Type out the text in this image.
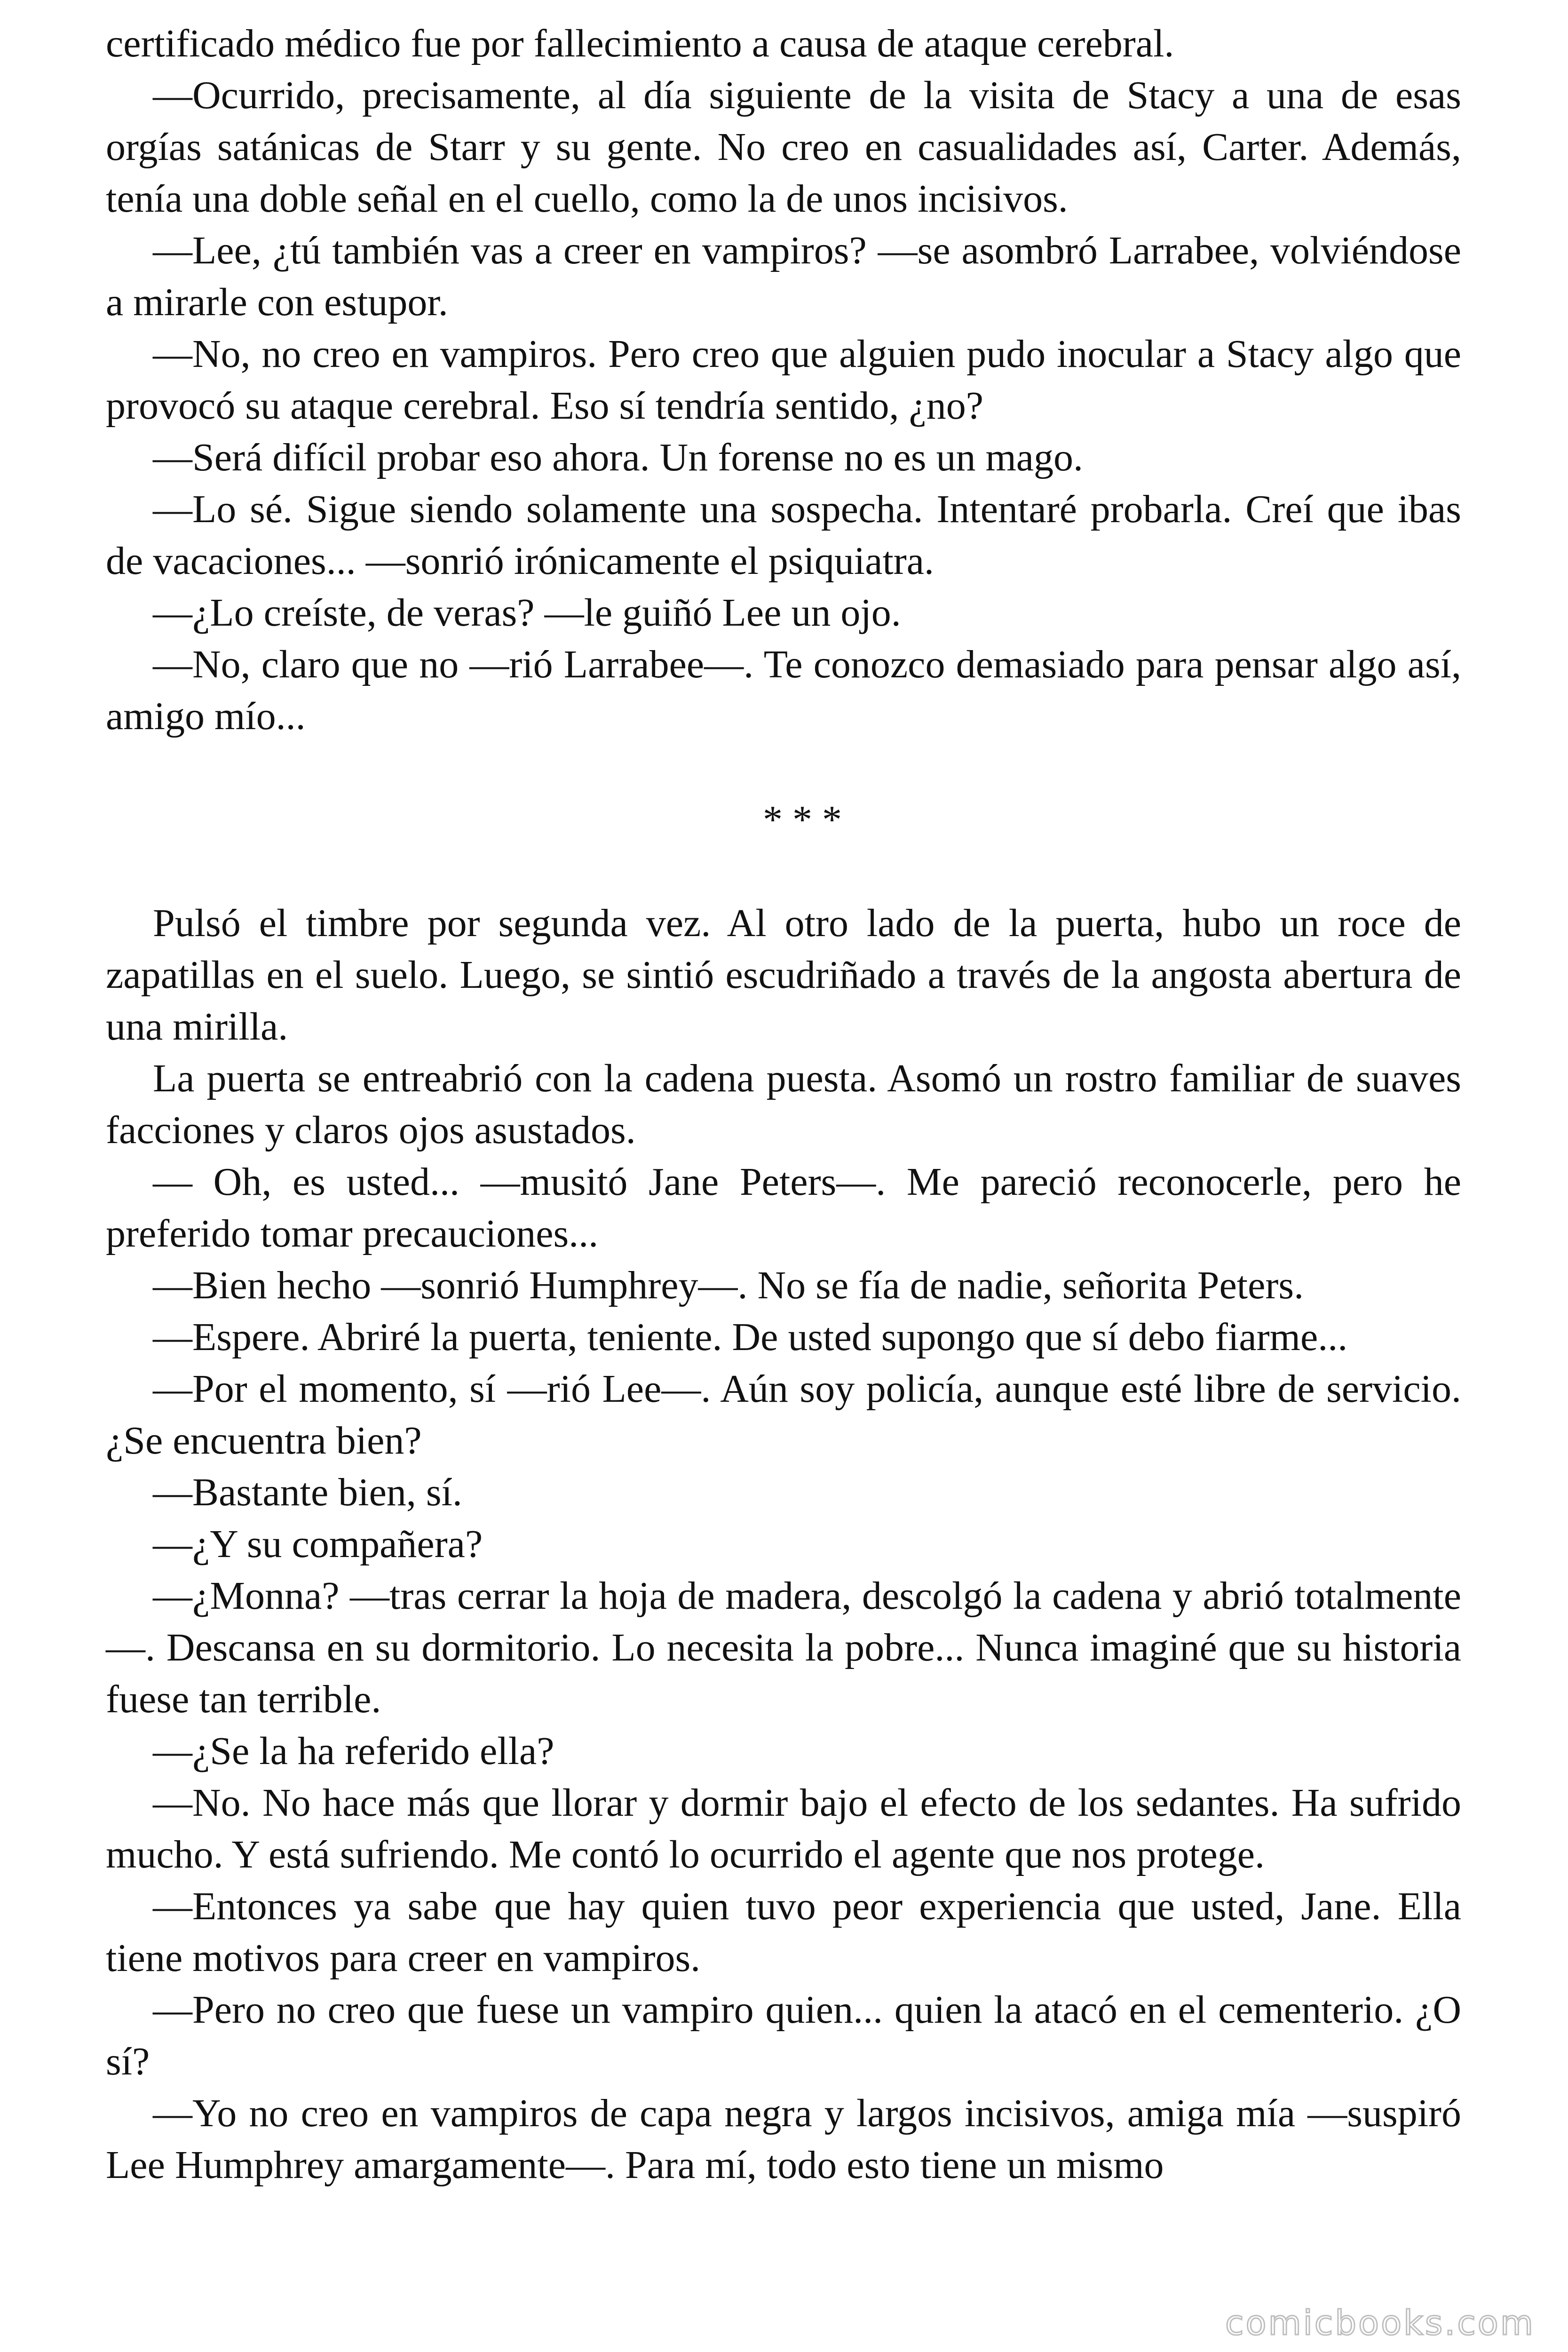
certificado médico fue por fallecimiento a causa de ataque cerebral.

—Ocurrido, precisamente, al día siguiente de la visita de Stacy a una de esas orgías satánicas de Starr y su gente. No creo en casualidades así, Carter. Además, tenía una doble señal en el cuello, como la de unos incisivos.

—Lee, ¿tú también vas a creer en vampiros? —se asombró Larrabee, volviéndose a mirarle con estupor.

—No, no creo en vampiros. Pero creo que alguien pudo inocular a Stacy algo que provocó su ataque cerebral. Eso sí tendría sentido, ¿no?

—Será difícil probar eso ahora. Un forense no es un mago.

—Lo sé. Sigue siendo solamente una sospecha. Intentaré probarla. Creí que ibas de vacaciones... —sonrió irónicamente el psiquiatra.

—¿Lo creíste, de veras? —le guiñó Lee un ojo.

—No, claro que no —rió Larrabee—. Te conozco demasiado para pensar algo así, amigo mío...

* * *

Pulsó el timbre por segunda vez. Al otro lado de la puerta, hubo un roce de zapatillas en el suelo. Luego, se sintió escudriñado a través de la angosta abertura de una mirilla.

La puerta se entreabrió con la cadena puesta. Asomó un rostro familiar de suaves facciones y claros ojos asustados.

— Oh, es usted... —musitó Jane Peters—. Me pareció reconocerle, pero he preferido tomar precauciones...

—Bien hecho —sonrió Humphrey—. No se fía de nadie, señorita Peters.

—Espere. Abriré la puerta, teniente. De usted supongo que sí debo fiarme...

—Por el momento, sí —rió Lee—. Aún soy policía, aunque esté libre de servicio. ¿Se encuentra bien?

—Bastante bien, sí.

—¿Y su compañera?

—¿Monna? —tras cerrar la hoja de madera, descolgó la cadena y abrió totalmente—. Descansa en su dormitorio. Lo necesita la pobre... Nunca imaginé que su historia fuese tan terrible.

—¿Se la ha referido ella?

—No. No hace más que llorar y dormir bajo el efecto de los sedantes. Ha sufrido mucho. Y está sufriendo. Me contó lo ocurrido el agente que nos protege.

—Entonces ya sabe que hay quien tuvo peor experiencia que usted, Jane. Ella tiene motivos para creer en vampiros.

—Pero no creo que fuese un vampiro quien... quien la atacó en el cementerio. ¿O sí?

—Yo no creo en vampiros de capa negra y largos incisivos, amiga mía —suspiró Lee Humphrey amargamente—. Para mí, todo esto tiene un mismo

comicbooks.com
